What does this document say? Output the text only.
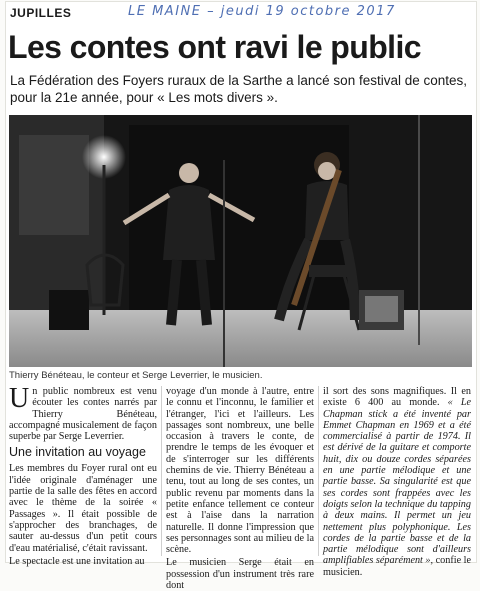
JUPILLES	LE MAINE – jeudi 19 octobre 2017
Les contes ont ravi le public
La Fédération des Foyers ruraux de la Sarthe a lancé son festival de contes,
pour la 21e année, pour « Les mots divers ».
Thierry Bénéteau, le conteur et Serge Leverrier, le musicien.

Un public nombreux est venu écouter les contes narrés par Thierry Bénéteau, accompagné musicalement de façon superbe par Serge Leverrier.

Une invitation au voyage

Les membres du Foyer rural ont eu l'idée originale d'aménager une partie de la salle des fêtes en accord avec le thème de la soirée « Passages ». Il était possible de s'approcher des branchages, de sauter au-dessus d'un petit cours d'eau matérialisé, c'était ravissant.

Le spectacle est une invitation au

voyage d'un monde à l'autre, entre le connu et l'inconnu, le familier et l'étranger, l'ici et l'ailleurs. Les passages sont nombreux, une belle occasion à travers le conte, de prendre le temps de les évoquer et de s'interroger sur les différents chemins de vie. Thierry Bénéteau a tenu, tout au long de ses contes, un public revenu par moments dans la petite enfance tellement ce conteur est à l'aise dans la narration naturelle. Il donne l'impression que ses personnages sont au milieu de la scène.

Le musicien Serge était en possession d'un instrument très rare dont

il sort des sons magnifiques. Il en existe 6 400 au monde. « Le Chapman stick a été inventé par Emmet Chapman en 1969 et a été commercialisé à partir de 1974. Il est dérivé de la guitare et comporte huit, dix ou douze cordes séparées en une partie mélodique et une partie basse. Sa singularité est que ses cordes sont frappées avec les doigts selon la technique du tapping à deux mains. Il permet un jeu nettement plus polyphonique. Les cordes de la partie basse et de la partie mélodique sont d'ailleurs amplifiables séparément », confie le musicien.
